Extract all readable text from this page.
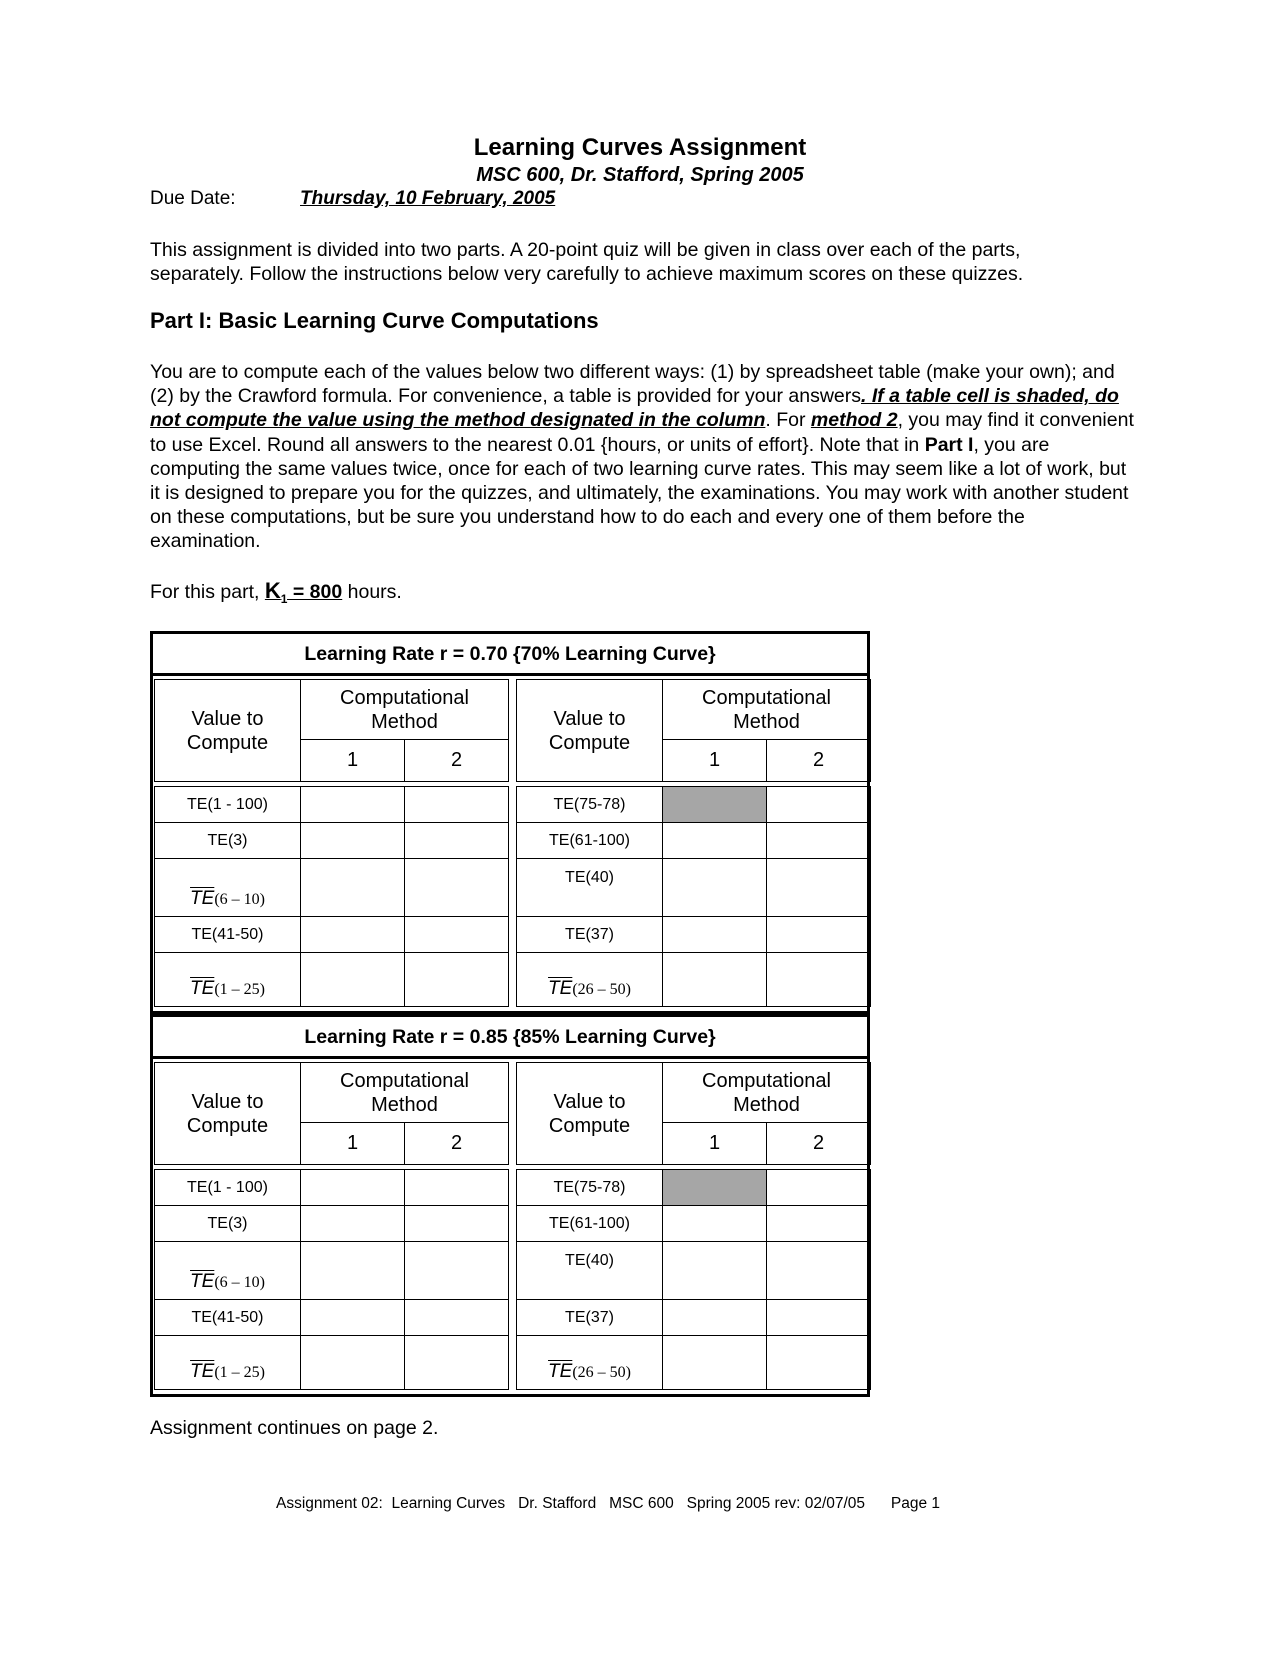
Learning Curves Assignment
MSC 600, Dr. Stafford, Spring 2005
Due Date:	Thursday, 10 February, 2005
This assignment is divided into two parts. A 20-point quiz will be given in class over each of the parts,
separately. Follow the instructions below very carefully to achieve maximum scores on these quizzes.
Part I: Basic Learning Curve Computations
You are to compute each of the values below two different ways: (1) by spreadsheet table (make your own); and (2) by the Crawford formula. For convenience, a table is provided for your answers. If a table cell is shaded, do not compute the value using the method designated in the column. For method 2, you may find it convenient to use Excel. Round all answers to the nearest 0.01 {hours, or units of effort}. Note that in Part I, you are computing the same values twice, once for each of two learning curve rates. This may seem like a lot of work, but it is designed to prepare you for the quizzes, and ultimately, the examinations. You may work with another student on these computations, but be sure you understand how to do each and every one of them before the examination.
For this part, $K_1 = 800$ hours.
Learning Rate r = 0.70 {70% Learning Curve}
Value to Compute	Computational Method	
	1	2
TE(1 - 100)		
TE(3)		
$\overline{TE}(6 - 10)$		
TE(41-50)		
$\overline{TE}(1 - 25)$		
Value to Compute	Computational Method	
	1	2
TE(75-78)		
TE(61-100)		
TE(40)		
TE(37)		
$\overline{TE}(26 - 50)$		
Learning Rate r = 0.85 {85% Learning Curve}
Value to Compute	Computational Method	
	1	2
TE(1 - 100)		
TE(3)		
$\overline{TE}(6 - 10)$		
TE(41-50)		
$\overline{TE}(1 - 25)$		
Value to Compute	Computational Method	
	1	2
TE(75-78)		
TE(61-100)		
TE(40)		
TE(37)		
$\overline{TE}(26 - 50)$		
Assignment continues on page 2.
Assignment 02:  Learning Curves   Dr. Stafford   MSC 600   Spring 2005 rev: 02/07/05      Page 1
